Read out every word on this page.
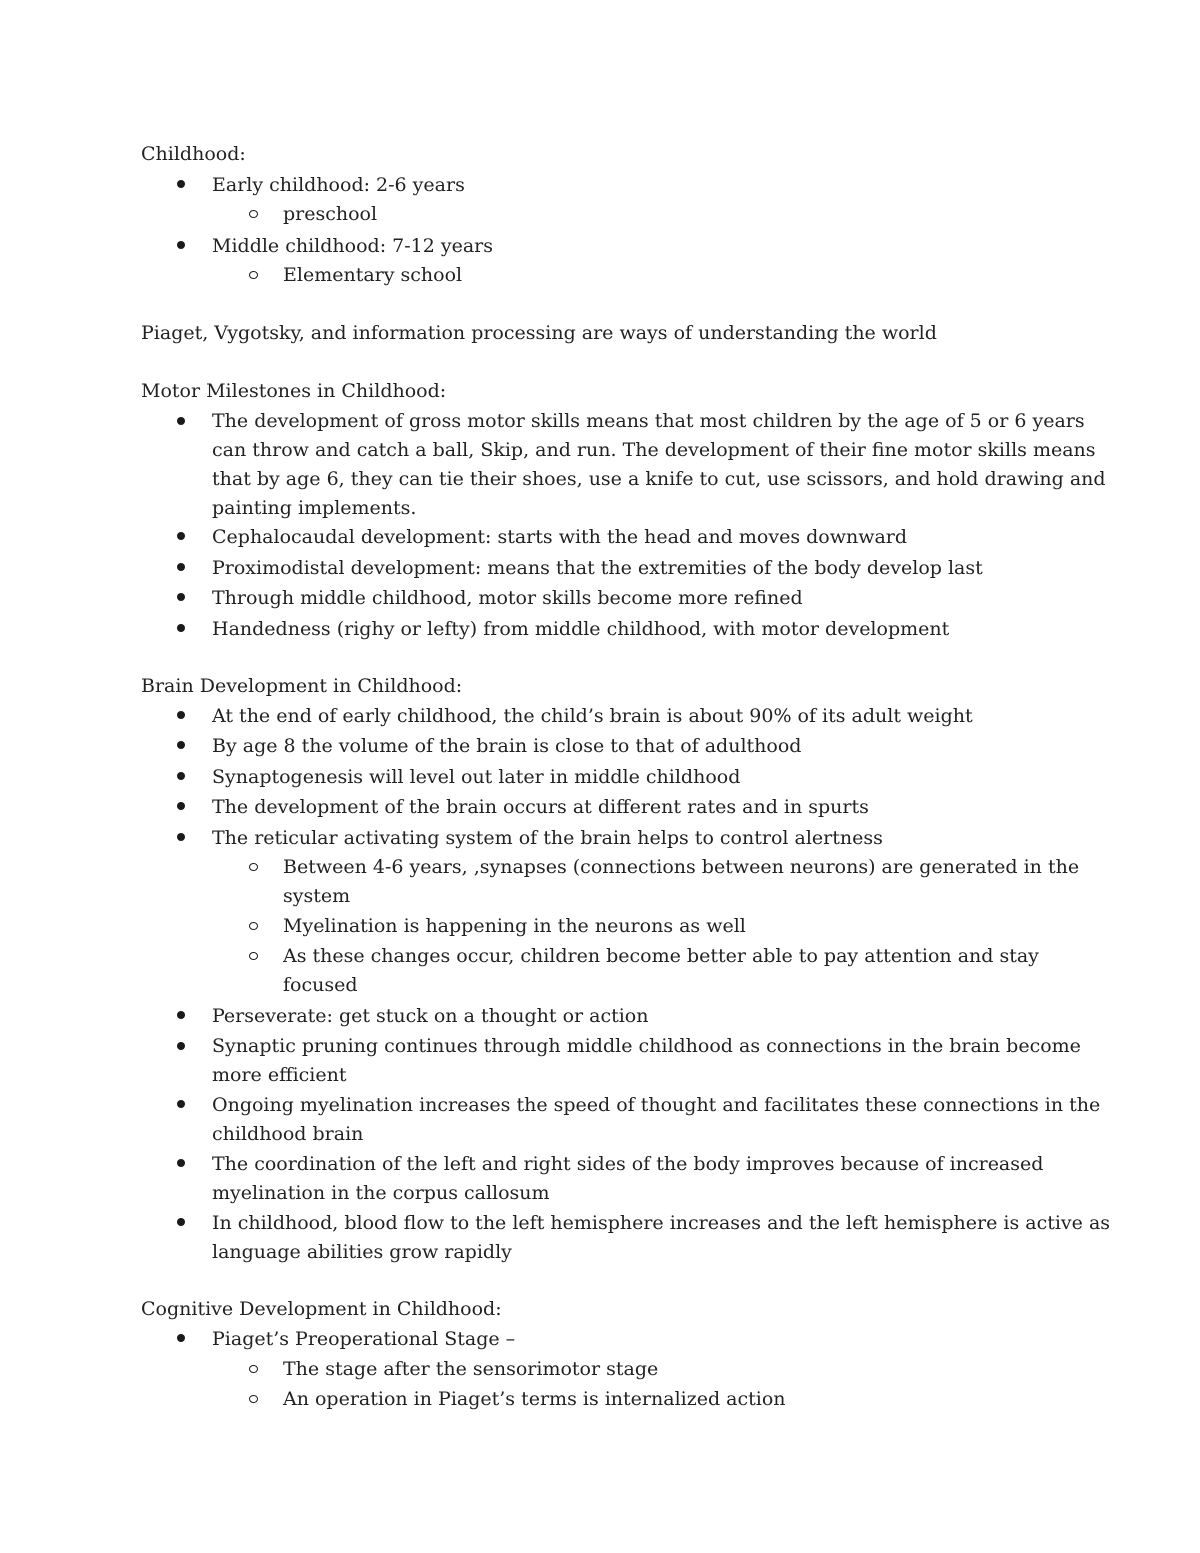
Childhood:
Early childhood: 2-6 years
preschool
Middle childhood: 7-12 years
Elementary school
Piaget, Vygotsky, and information processing are ways of understanding the world
Motor Milestones in Childhood:
The development of gross motor skills means that most children by the age of 5 or 6 years
can throw and catch a ball, Skip, and run. The development of their fine motor skills means
that by age 6, they can tie their shoes, use a knife to cut, use scissors, and hold drawing and
painting implements.
Cephalocaudal development: starts with the head and moves downward
Proximodistal development: means that the extremities of the body develop last
Through middle childhood, motor skills become more refined
Handedness (righy or lefty) from middle childhood, with motor development
Brain Development in Childhood:
At the end of early childhood, the child’s brain is about 90% of its adult weight
By age 8 the volume of the brain is close to that of adulthood
Synaptogenesis will level out later in middle childhood
The development of the brain occurs at different rates and in spurts
The reticular activating system of the brain helps to control alertness
Between 4-6 years, ,synapses (connections between neurons) are generated in the
system
Myelination is happening in the neurons as well
As these changes occur, children become better able to pay attention and stay
focused
Perseverate: get stuck on a thought or action
Synaptic pruning continues through middle childhood as connections in the brain become
more efficient
Ongoing myelination increases the speed of thought and facilitates these connections in the
childhood brain
The coordination of the left and right sides of the body improves because of increased
myelination in the corpus callosum
In childhood, blood flow to the left hemisphere increases and the left hemisphere is active as
language abilities grow rapidly
Cognitive Development in Childhood:
Piaget’s Preoperational Stage –
The stage after the sensorimotor stage
An operation in Piaget’s terms is internalized action
